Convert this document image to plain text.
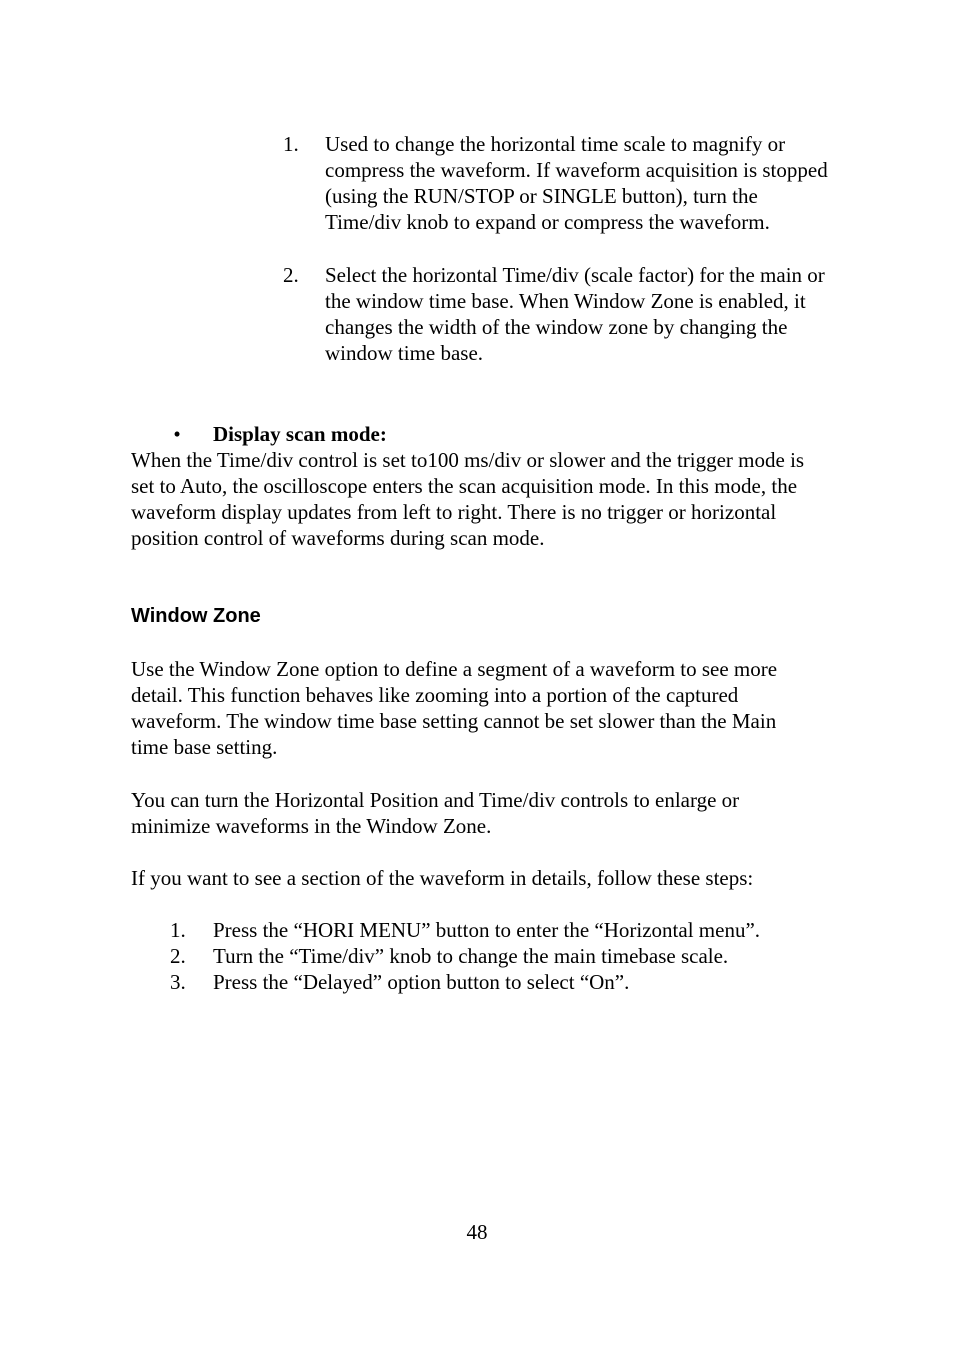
1.	Used to change the horizontal time scale to magnify or compress the waveform. If waveform acquisition is stopped (using the RUN/STOP or SINGLE button), turn the Time/div knob to expand or compress the waveform.
2.	Select the horizontal Time/div (scale factor) for the main or the window time base. When Window Zone is enabled, it changes the width of the window zone by changing the window time base.
• Display scan mode:
When the Time/div control is set to100 ms/div or slower and the trigger mode is set to Auto, the oscilloscope enters the scan acquisition mode. In this mode, the waveform display updates from left to right. There is no trigger or horizontal position control of waveforms during scan mode.
Window Zone
Use the Window Zone option to define a segment of a waveform to see more detail. This function behaves like zooming into a portion of the captured waveform. The window time base setting cannot be set slower than the Main time base setting.
You can turn the Horizontal Position and Time/div controls to enlarge or minimize waveforms in the Window Zone.
If you want to see a section of the waveform in details, follow these steps:
1.	Press the “HORI MENU” button to enter the “Horizontal menu”.
2.	Turn the “Time/div” knob to change the main timebase scale.
3.	Press the “Delayed” option button to select “On”.
48
